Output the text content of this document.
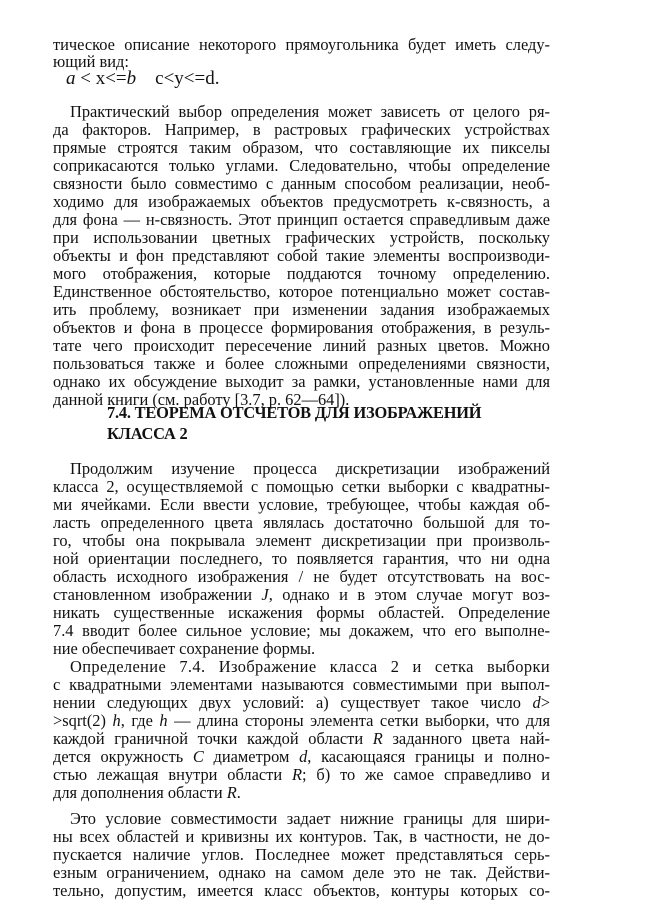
тическое описание некоторого прямоугольника будет иметь следу-
ющий вид:
a < x<=b    c<y<=d.
Практический выбор определения может зависеть от целого ря-
да факторов. Например, в растровых графических устройствах
прямые строятся таким образом, что составляющие их пикселы
соприкасаются только углами. Следовательно, чтобы определение
связности было совместимо с данным способом реализации, необ-
ходимо для изображаемых объектов предусмотреть к-связность, а
для фона — н-связность. Этот принцип остается справедливым даже
при использовании цветных графических устройств, поскольку
объекты и фон представляют собой такие элементы воспроизводи-
мого отображения, которые поддаются точному определению.
Единственное обстоятельство, которое потенциально может состав-
ить проблему, возникает при изменении задания изображаемых
объектов и фона в процессе формирования отображения, в резуль-
тате чего происходит пересечение линий разных цветов. Можно
пользоваться также и более сложными определениями связности,
однако их обсуждение выходит за рамки, установленные нами для
7.4. ТЕОРЕМА ОТСЧЕТОВ ДЛЯ ИЗОБРАЖЕНИЙ
КЛАССА 2
Продолжим изучение процесса дискретизации изображений
класса 2, осуществляемой с помощью сетки выборки с квадратны-
ми ячейками. Если ввести условие, требующее, чтобы каждая об-
ласть определенного цвета являлась достаточно большой для то-
го, чтобы она покрывала элемент дискретизации при произволь-
ной ориентации последнего, то появляется гарантия, что ни одна
область исходного изображения / не будет отсутствовать на вос-
становленном изображении J, однако и в этом случае могут воз-
никать существенные искажения формы областей. Определение
7.4 вводит более сильное условие; мы докажем, что его выполне-
ние обеспечивает сохранение формы.
Определение 7.4. Изображение класса 2 и сетка выборки
с квадратными элементами называются совместимыми при выпол-
нении следующих двух условий: а) существует такое число d>
>sqrt(2) h, где h — длина стороны элемента сетки выборки, что для
каждой граничной точки каждой области R заданного цвета най-
дется окружность C диаметром d, касающаяся границы и полно-
стью лежащая внутри области R; б) то же самое справедливо и
для дополнения области R.
Это условие совместимости задает нижние границы для шири-
ны всех областей и кривизны их контуров. Так, в частности, не до-
пускается наличие углов. Последнее может представляться серь-
езным ограничением, однако на самом деле это не так. Действи-
тельно, допустим, имеется класс объектов, контуры которых со-
данной книги (см. работу [3.7, p. 62—64]).
